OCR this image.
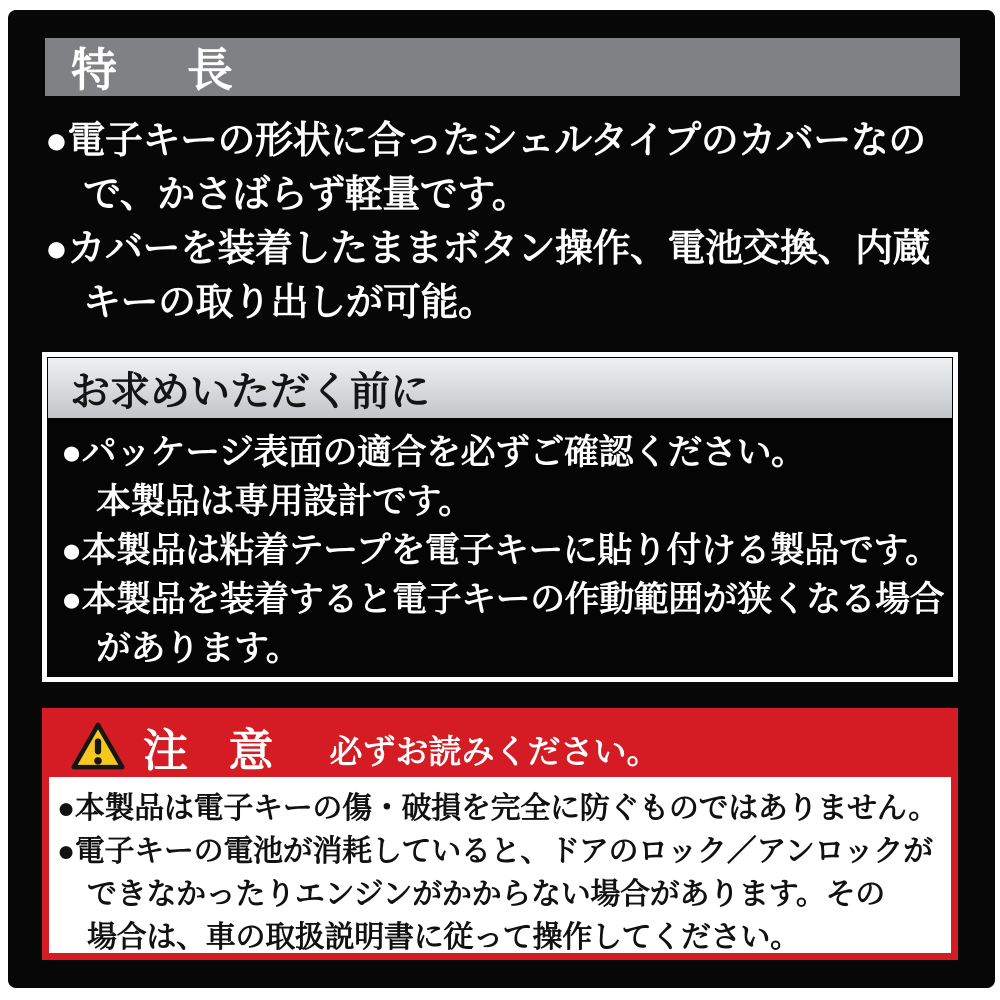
特　長
●電子キーの形状に合ったシェルタイプのカバーなの
で、かさばらず軽量です。
●カバーを装着したままボタン操作、電池交換、内蔵
キーの取り出しが可能。
お求めいただく前に
●パッケージ表面の適合を必ずご確認ください。
本製品は専用設計です。
●本製品は粘着テープを電子キーに貼り付ける製品です。
●本製品を装着すると電子キーの作動範囲が狭くなる場合
があります。
注 意 必ずお読みください。
●本製品は電子キーの傷・破損を完全に防ぐものではありません。
●電子キーの電池が消耗していると、ドアのロック／アンロックが
できなかったりエンジンがかからない場合があります。その
場合は、車の取扱説明書に従って操作してください。
